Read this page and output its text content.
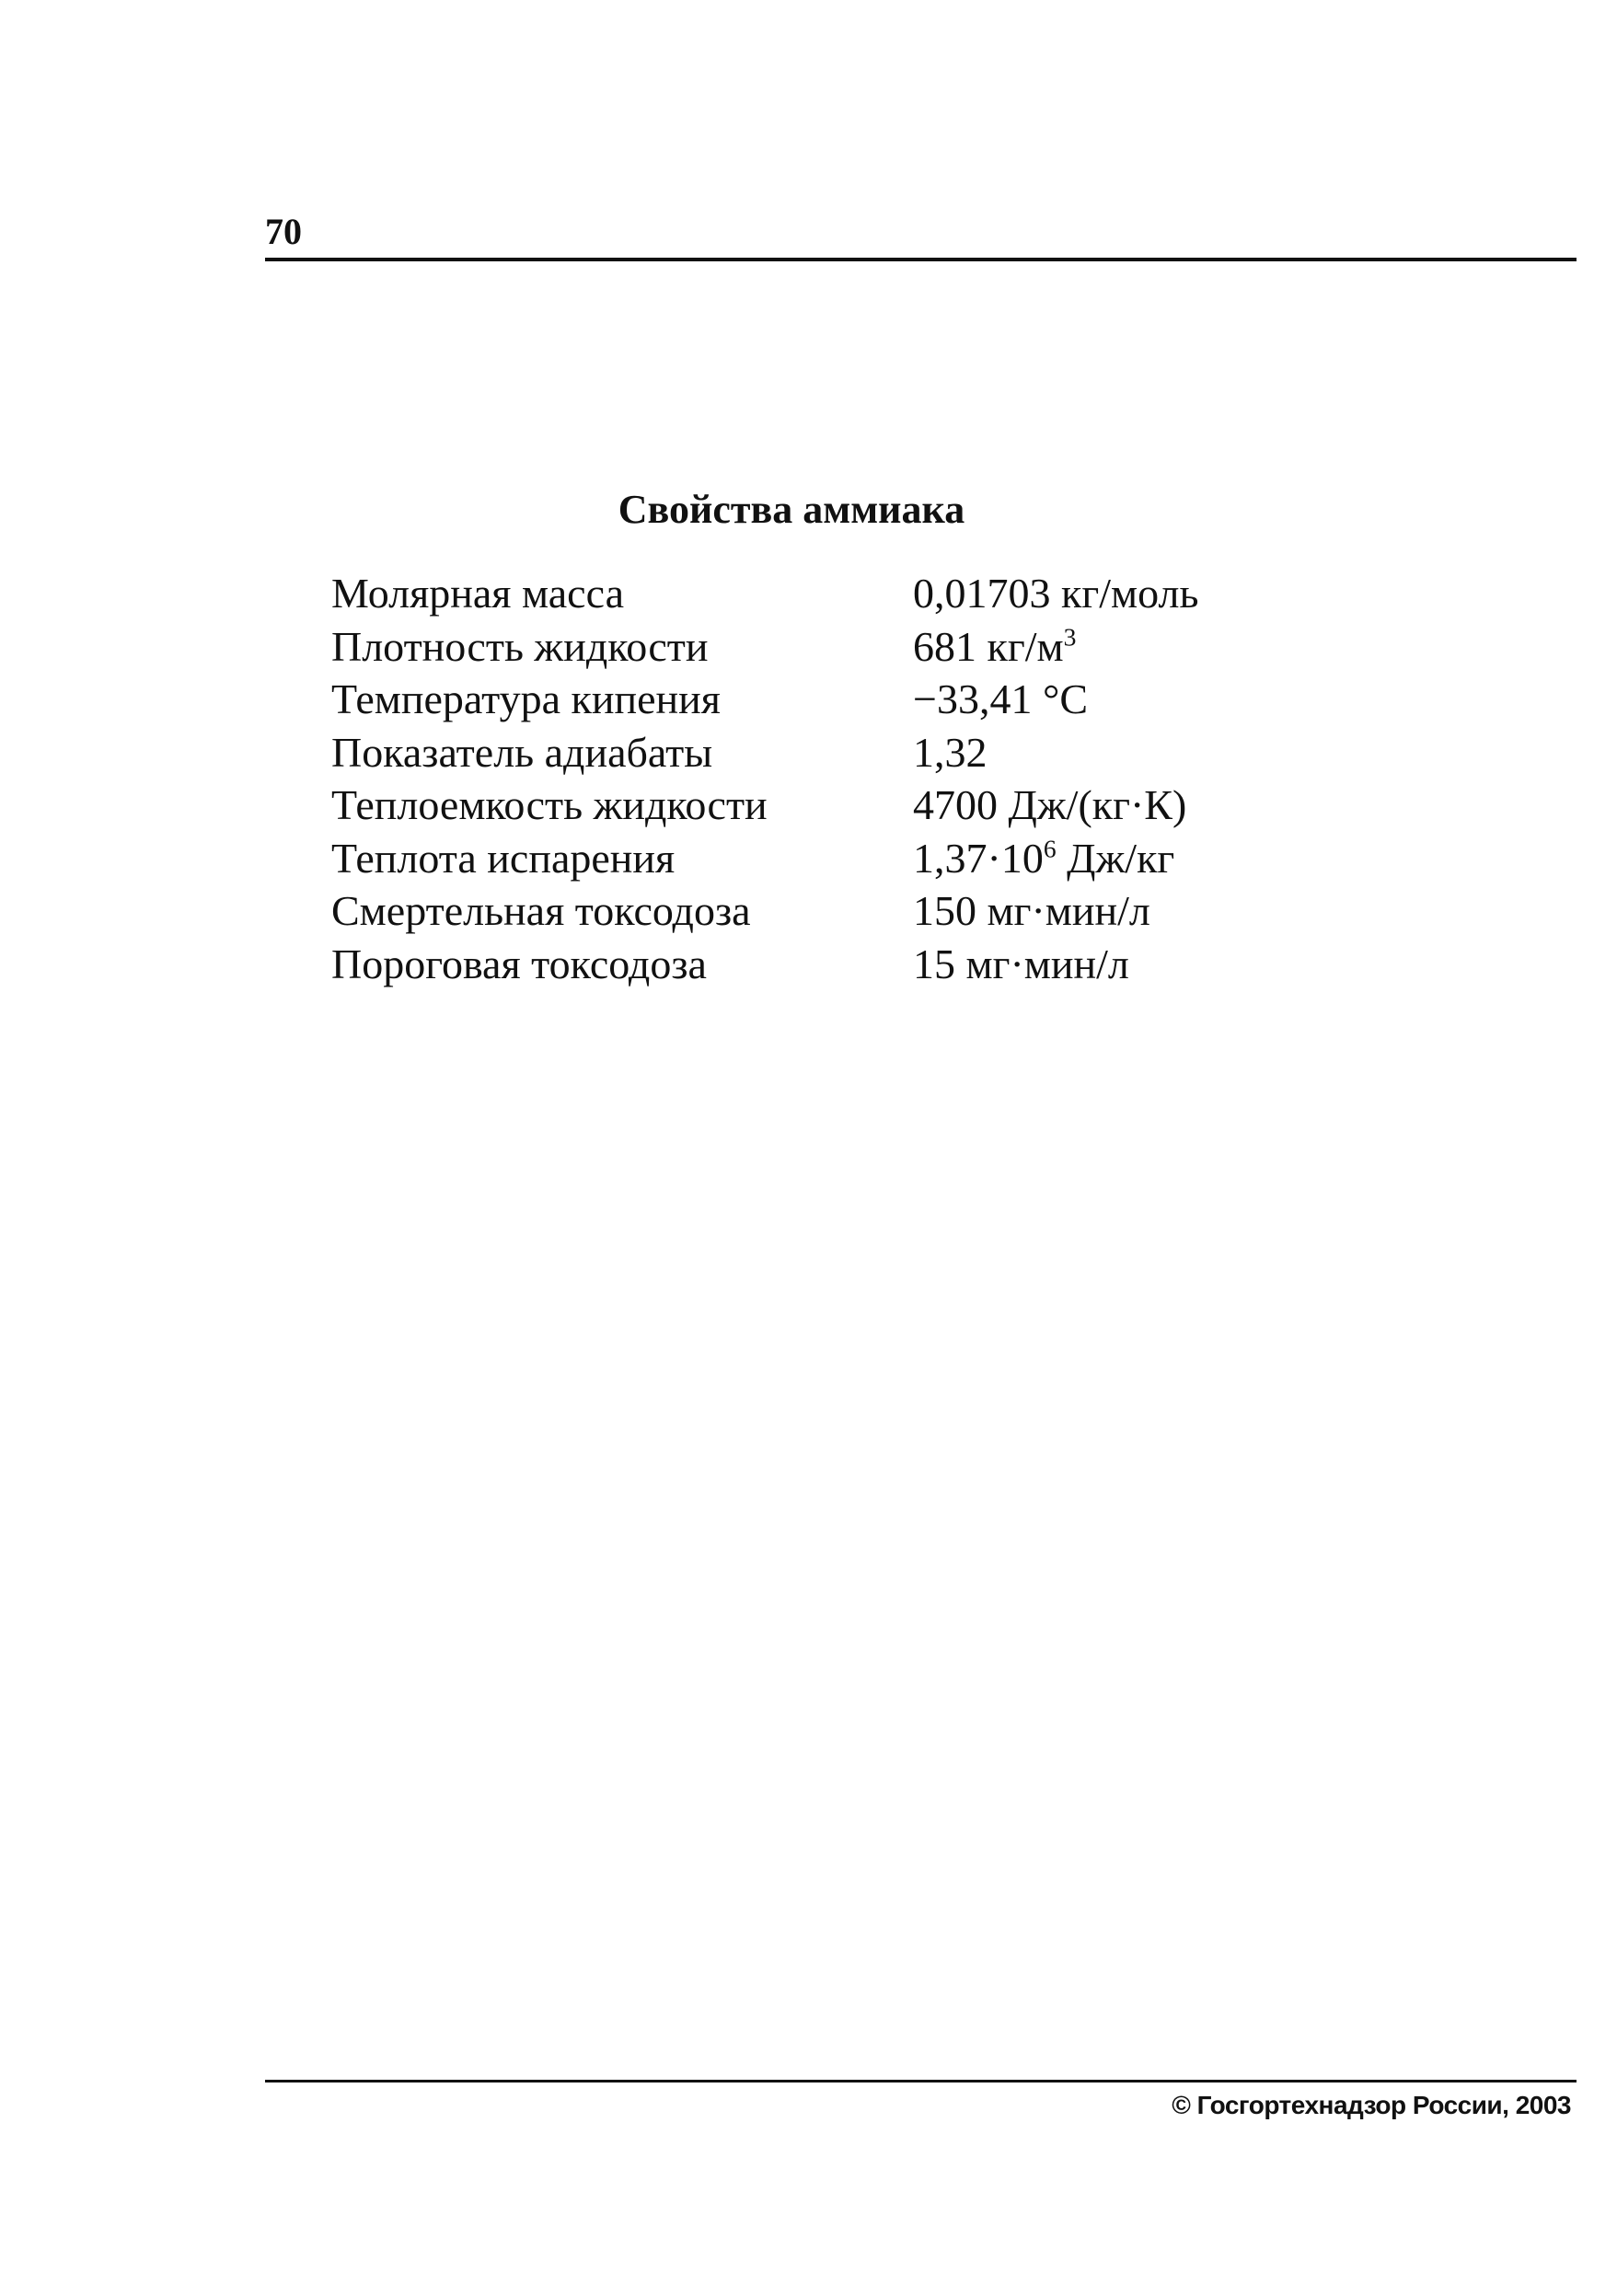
70
Свойства аммиака
Молярная масса	0,01703 кг/моль
Плотность жидкости	681 $кг/м^3$
Температура кипения	−33,41 °С
Показатель адиабаты	1,32
Теплоемкость жидкости	4700 Дж/(кг·К)
Теплота испарения	$1,37\cdot 10^6$ Дж/кг
Смертельная токсодоза	150 мг·мин/л
Пороговая токсодоза	15 мг·мин/л
© Госгортехнадзор России, 2003
